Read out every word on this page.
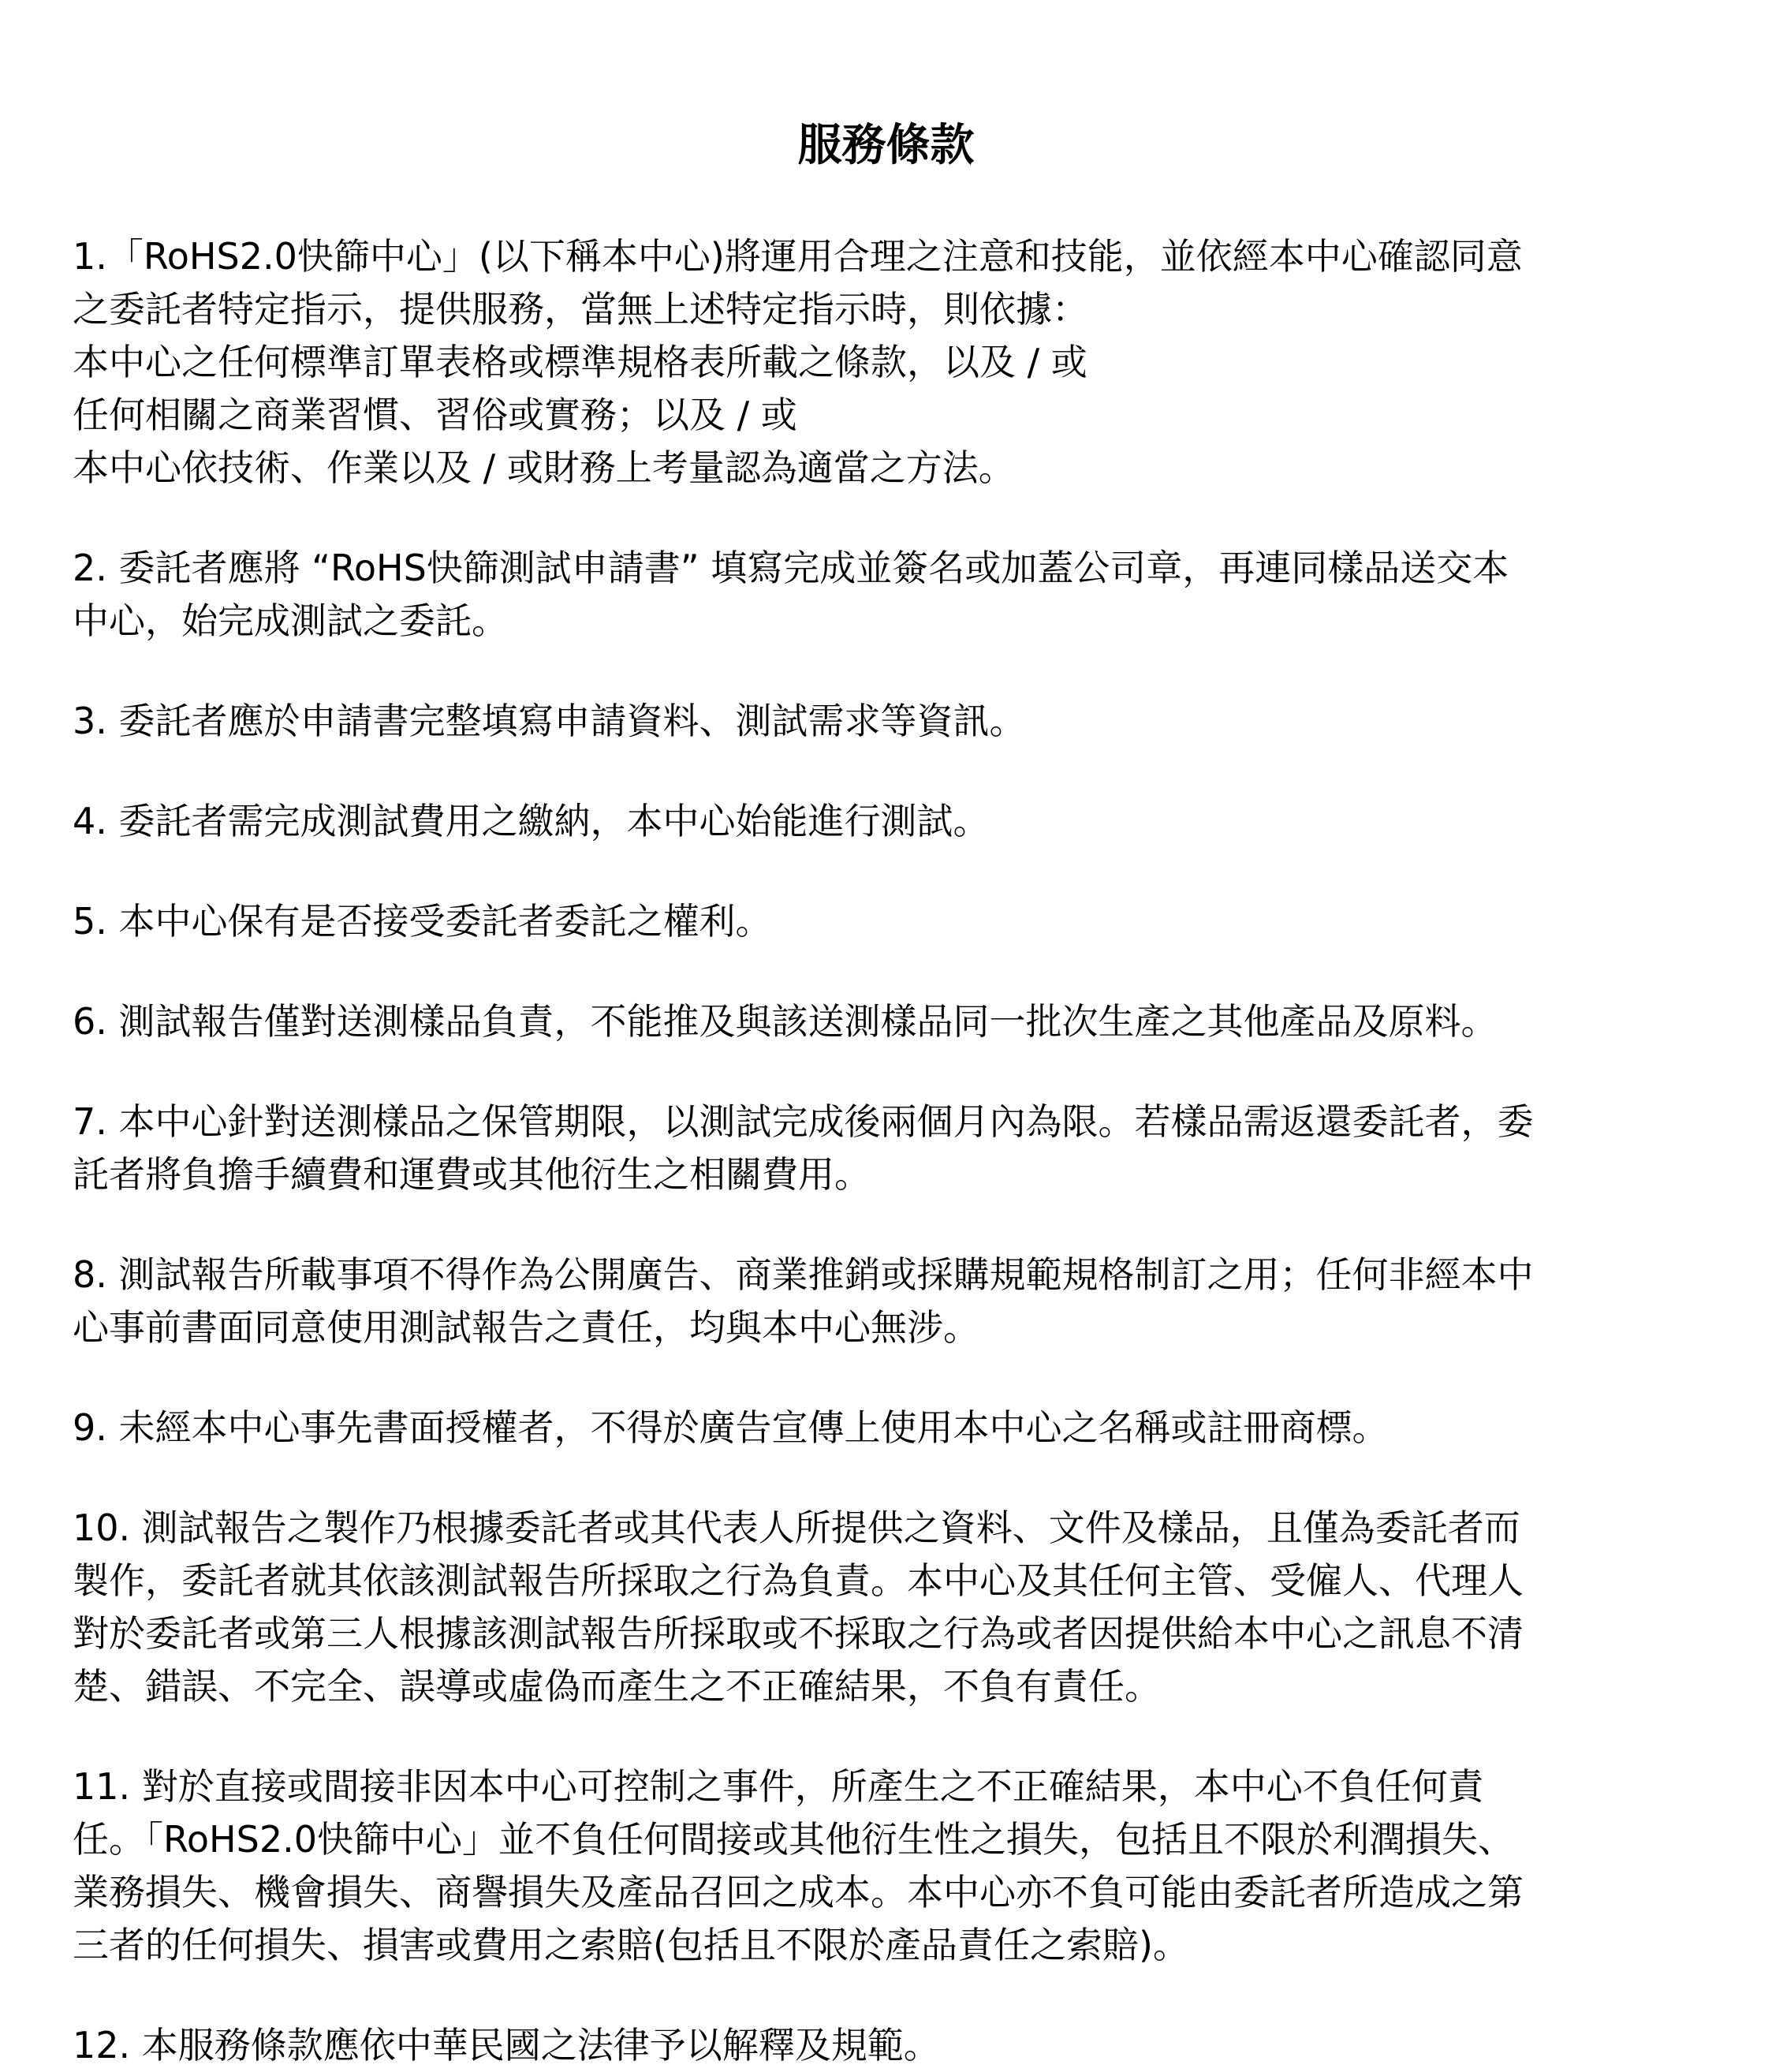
服務條款
1.「RoHS2.0快篩中心」(以下稱本中心)將運用合理之注意和技能，並依經本中心確認同意
之委託者特定指示，提供服務，當無上述特定指示時，則依據：
本中心之任何標準訂單表格或標準規格表所載之條款，以及 / 或
任何相關之商業習慣、習俗或實務；以及 / 或
本中心依技術、作業以及 / 或財務上考量認為適當之方法。
2. 委託者應將 “RoHS快篩測試申請書” 填寫完成並簽名或加蓋公司章，再連同樣品送交本
中心，始完成測試之委託。
3. 委託者應於申請書完整填寫申請資料、測試需求等資訊。
4. 委託者需完成測試費用之繳納，本中心始能進行測試。
5. 本中心保有是否接受委託者委託之權利。
6. 測試報告僅對送測樣品負責，不能推及與該送測樣品同一批次生產之其他產品及原料。
7. 本中心針對送測樣品之保管期限，以測試完成後兩個月內為限。若樣品需返還委託者，委
託者將負擔手續費和運費或其他衍生之相關費用。
8. 測試報告所載事項不得作為公開廣告、商業推銷或採購規範規格制訂之用；任何非經本中
心事前書面同意使用測試報告之責任，均與本中心無涉。
9. 未經本中心事先書面授權者，不得於廣告宣傳上使用本中心之名稱或註冊商標。
10. 測試報告之製作乃根據委託者或其代表人所提供之資料、文件及樣品，且僅為委託者而
製作，委託者就其依該測試報告所採取之行為負責。本中心及其任何主管、受僱人、代理人
對於委託者或第三人根據該測試報告所採取或不採取之行為或者因提供給本中心之訊息不清
楚、錯誤、不完全、誤導或虛偽而產生之不正確結果，不負有責任。
11. 對於直接或間接非因本中心可控制之事件，所產生之不正確結果，本中心不負任何責
任。「RoHS2.0快篩中心」並不負任何間接或其他衍生性之損失，包括且不限於利潤損失、
業務損失、機會損失、商譽損失及產品召回之成本。本中心亦不負可能由委託者所造成之第
三者的任何損失、損害或費用之索賠(包括且不限於產品責任之索賠)。
12. 本服務條款應依中華民國之法律予以解釋及規範。
